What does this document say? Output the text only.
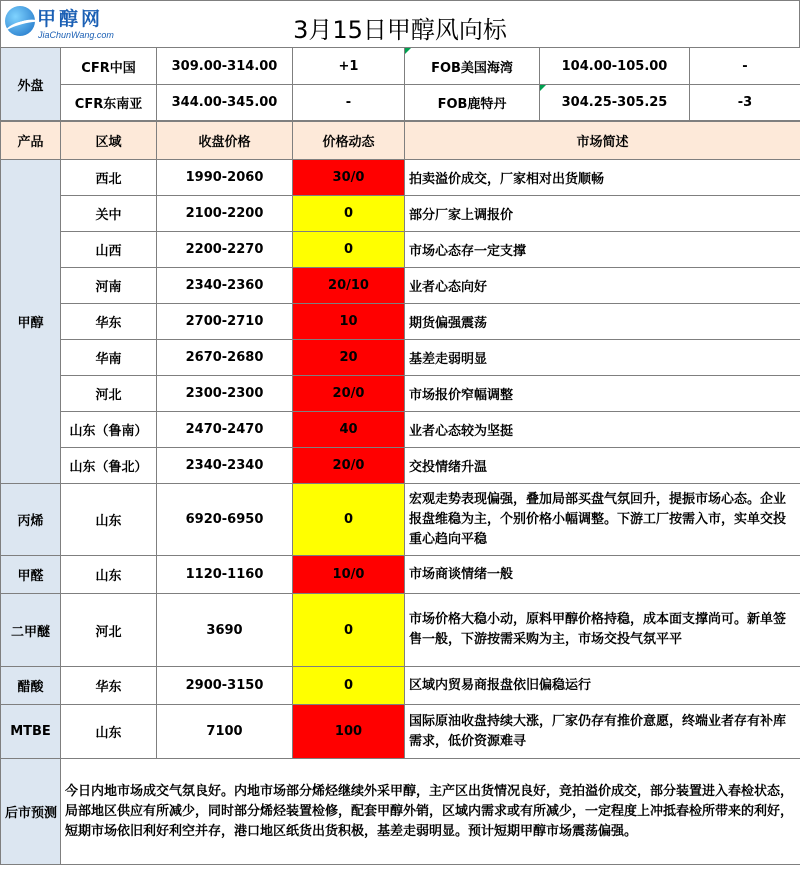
甲醇网
JiaChunWang.com	3月15日甲醇风向标
外盘	CFR中国	309.00-314.00	+1	FOB美国海湾	104.00-105.00	-
	CFR东南亚	344.00-345.00	-	FOB鹿特丹	304.25-305.25	-3
产品	区域	收盘价格	价格动态	市场简述
甲醇	西北	1990-2060	30/0	拍卖溢价成交，厂家相对出货顺畅
	关中	2100-2200	0	部分厂家上调报价
	山西	2200-2270	0	市场心态存一定支撑
	河南	2340-2360	20/10	业者心态向好
	华东	2700-2710	10	期货偏强震荡
	华南	2670-2680	20	基差走弱明显
	河北	2300-2300	20/0	市场报价窄幅调整
	山东（鲁南）	2470-2470	40	业者心态较为坚挺
	山东（鲁北）	2340-2340	20/0	交投情绪升温
丙烯	山东	6920-6950	0	宏观走势表现偏强，叠加局部买盘气氛回升，提振市场心态。企业报盘维稳为主，个别价格小幅调整。下游工厂按需入市，实单交投重心趋向平稳
甲醛	山东	1120-1160	10/0	市场商谈情绪一般
二甲醚	河北	3690	0	市场价格大稳小动，原料甲醇价格持稳，成本面支撑尚可。新单签售一般，下游按需采购为主，市场交投气氛平平
醋酸	华东	2900-3150	0	区域内贸易商报盘依旧偏稳运行
MTBE	山东	7100	100	国际原油收盘持续大涨，厂家仍存有推价意愿，终端业者存有补库需求，低价资源难寻
后市预测	今日内地市场成交气氛良好。内地市场部分烯烃继续外采甲醇，主产区出货情况良好，竞拍溢价成交，部分装置进入春检状态，局部地区供应有所减少，同时部分烯烃装置检修，配套甲醇外销，区域内需求或有所减少，一定程度上冲抵春检所带来的利好，短期市场依旧利好利空并存，港口地区纸货出货积极，基差走弱明显。预计短期甲醇市场震荡偏强。			
